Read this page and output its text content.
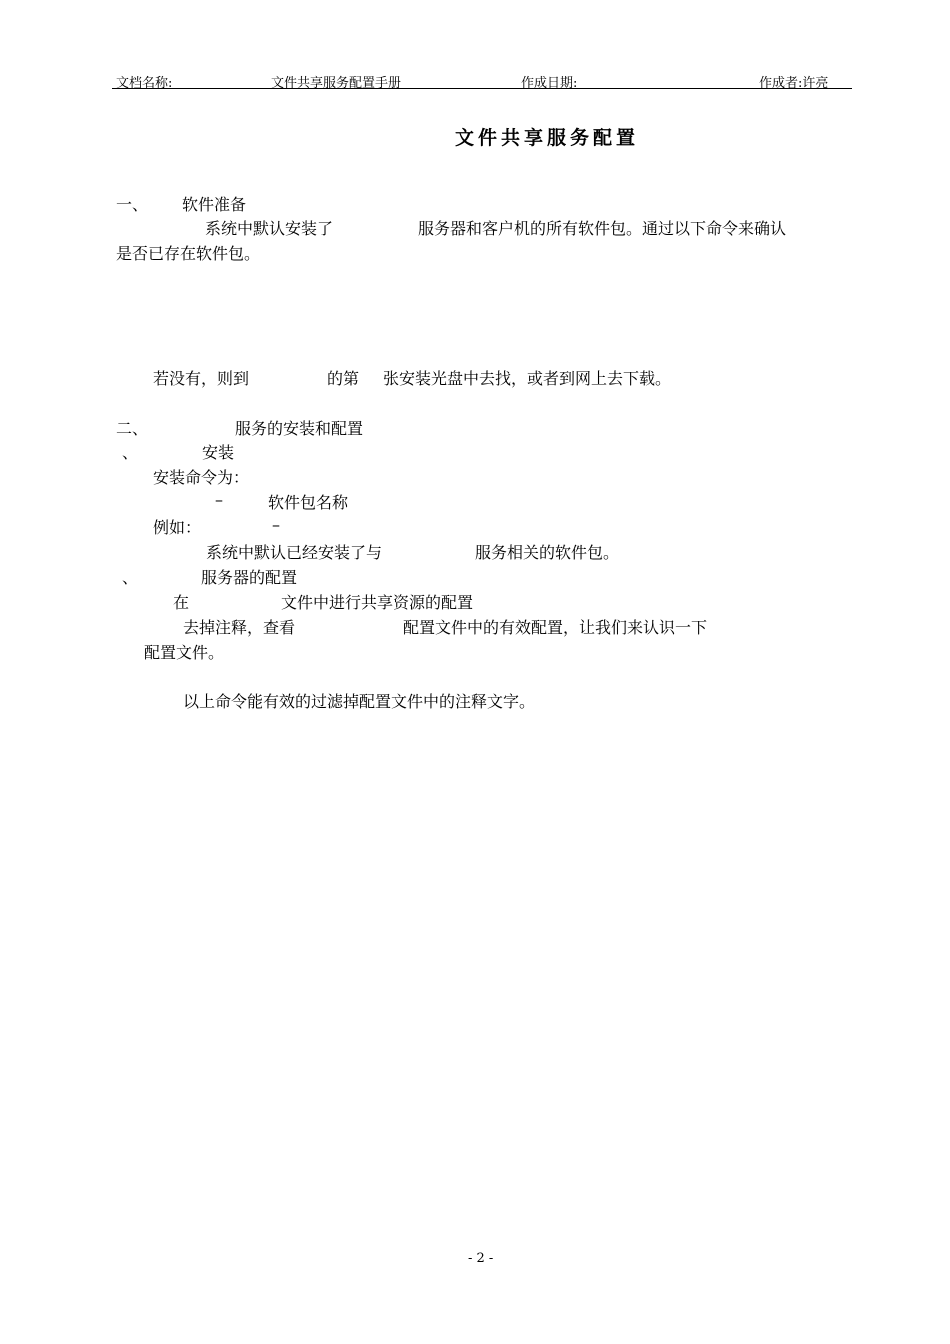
文档名称:	文件共享服务配置手册	作成日期:	作成者:许亮
文件共享服务配置
一、 软件准备
系统中默认安装了	服务器和客户机的所有软件包。通过以下命令来确认
是否已存在软件包。
若没有，则到	的第 张安装光盘中去找，或者到网上去下载。
二、	服务的安装和配置
、	安装
安装命令为：
–	软件包名称
例如：	–
系统中默认已经安装了与	服务相关的软件包。
、	服务器的配置
在	文件中进行共享资源的配置
去掉注释，查看	配置文件中的有效配置，让我们来认识一下
配置文件。
以上命令能有效的过滤掉配置文件中的注释文字。
- 2 -
